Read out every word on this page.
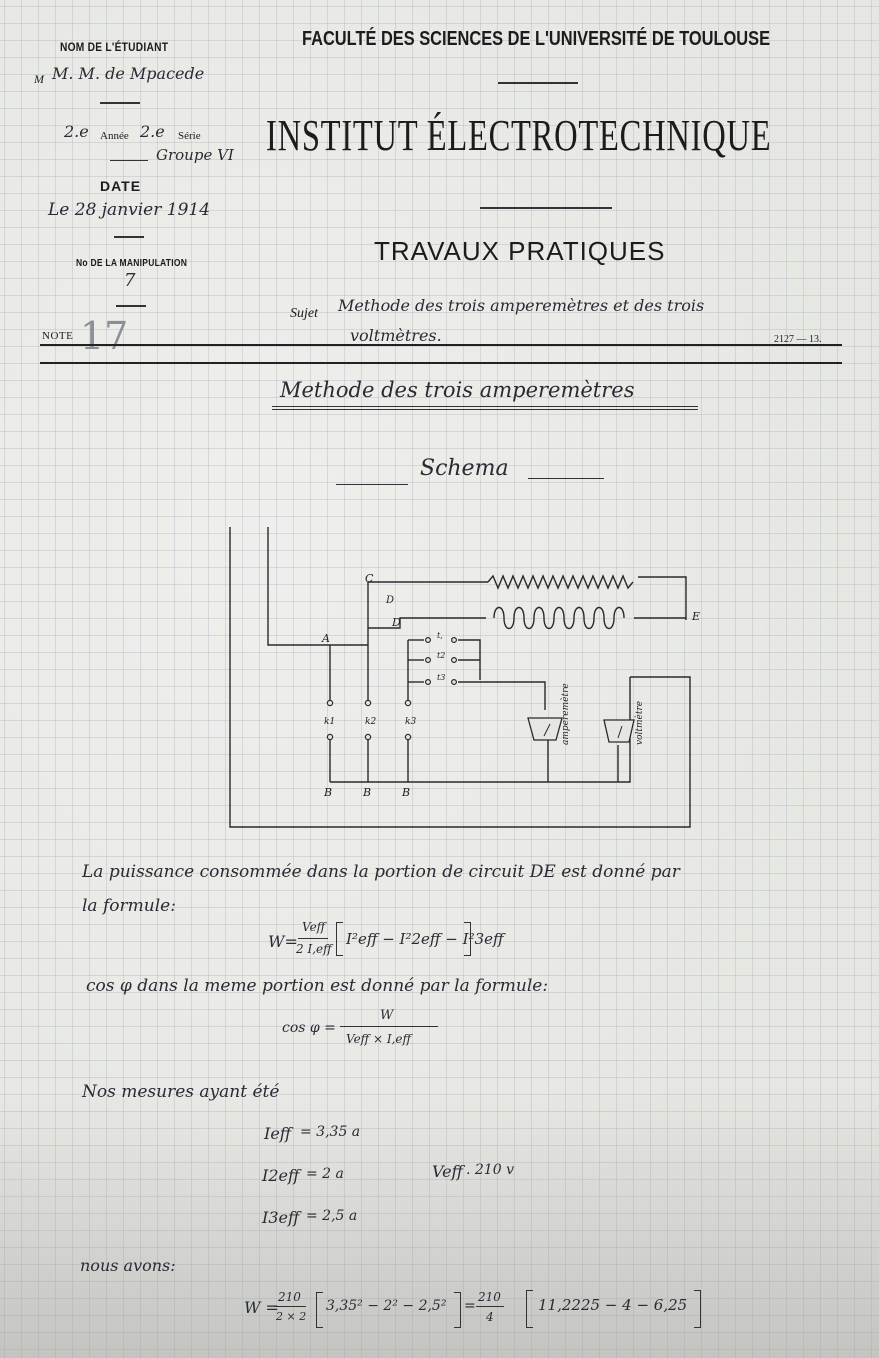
NOM DE L'ÉTUDIANT
M M. M. de Mpacede
2.e Année 2.e Série
Groupe VI
DATE
Le 28 janvier 1914
No DE LA MANIPULATION
7
NOTE 17
FACULTÉ DES SCIENCES DE L'UNIVERSITÉ DE TOULOUSE
INSTITUT ÉLECTROTECHNIQUE
TRAVAUX PRATIQUES
Sujet Methode des trois amperemètres et des trois
voltmètres.	2127 — 13.
Methode des trois amperemètres
Schema
C
D
D	E
A
B	B	B
k1	k2	k3
t,
t2
t3
amperemètre	voltmètre
La puissance consommée dans la portion de circuit DE est donné par
la formule:
W=
Veff
2 I,eff
I²eff − I²2eff − I²3eff
cos φ dans la meme portion est donné par la formule:
cos φ =
W
Veff × I,eff
Nos mesures ayant été
Ieff = 3,35 a
I2eff = 2 a	Veff . 210 v
I3eff = 2,5 a
nous avons:
W =
210
2 × 2
3,35² − 2² − 2,5² =
210
4
11,2225 − 4 − 6,25
